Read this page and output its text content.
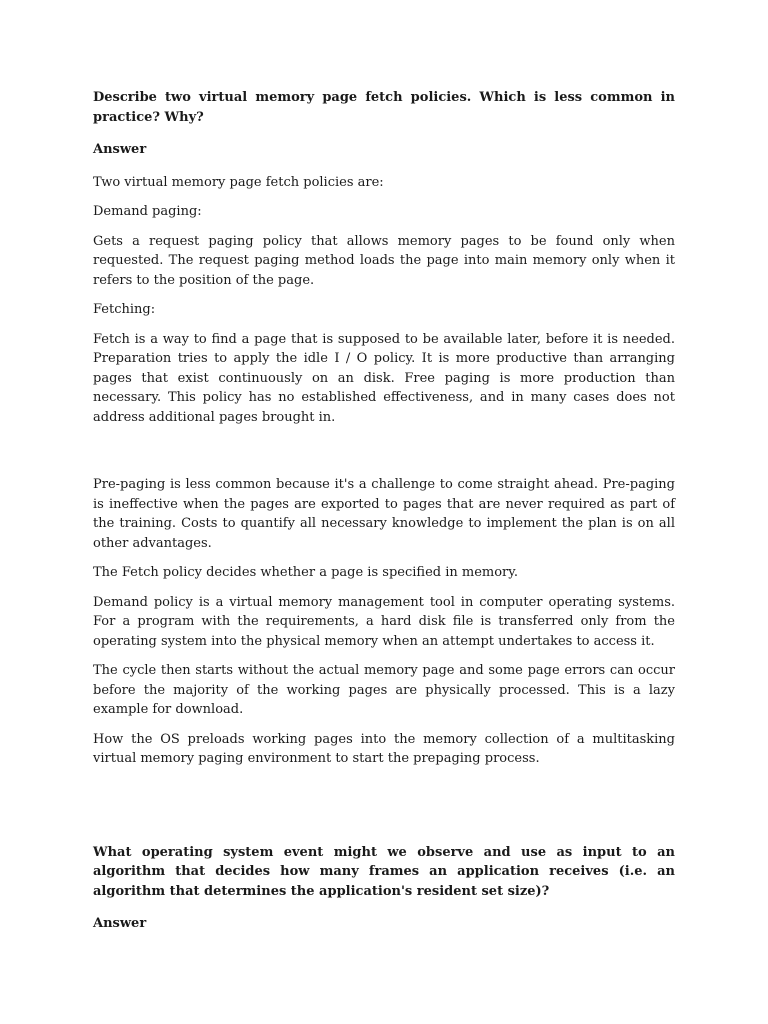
Describe two virtual memory page fetch policies. Which is less common in practice? Why?

Answer

Two virtual memory page fetch policies are:

Demand paging:

Gets a request paging policy that allows memory pages to be found only when requested. The request paging method loads the page into main memory only when it refers to the position of the page.

Fetching:

Fetch is a way to find a page that is supposed to be available later, before it is needed. Preparation tries to apply the idle I / O policy. It is more productive than arranging pages that exist continuously on an disk. Free paging is more production than necessary. This policy has no established effectiveness, and in many cases does not address additional pages brought in.

Pre-paging is less common because it's a challenge to come straight ahead. Pre-paging is ineffective when the pages are exported to pages that are never required as part of the training. Costs to quantify all necessary knowledge to implement the plan is on all other advantages.

The Fetch policy decides whether a page is specified in memory.

Demand policy is a virtual memory management tool in computer operating systems. For a program with the requirements, a hard disk file is transferred only from the operating system into the physical memory when an attempt undertakes to access it.

The cycle then starts without the actual memory page and some page errors can occur before the majority of the working pages are physically processed. This is a lazy example for download.

How the OS preloads working pages into the memory collection of a multitasking virtual memory paging environment to start the prepaging process.

What operating system event might we observe and use as input to an algorithm that decides how many frames an application receives (i.e. an algorithm that determines the application's resident set size)?

Answer
